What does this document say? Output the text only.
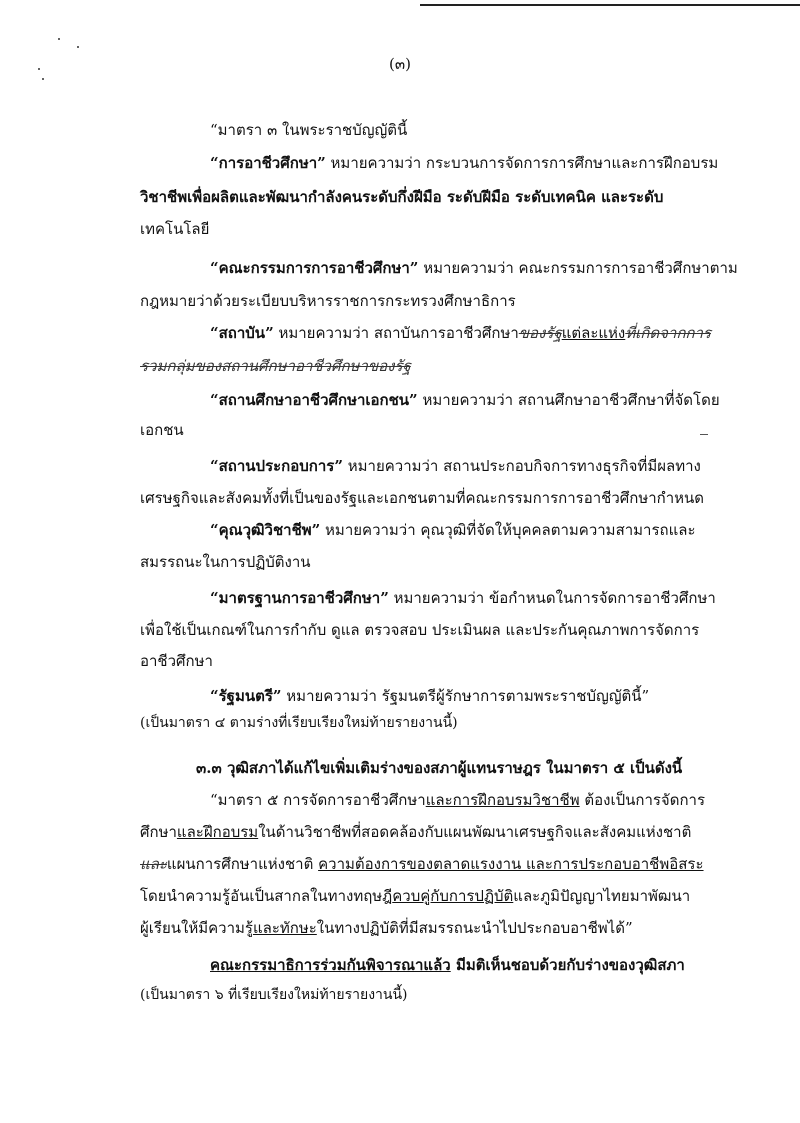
(๓)
“มาตรา ๓ ในพระราชบัญญัตินี้
“การอาชีวศึกษา” หมายความว่า กระบวนการจัดการการศึกษาและการฝึกอบรม
วิชาชีพเพื่อผลิตและพัฒนากำลังคนระดับกึ่งฝีมือ ระดับฝีมือ ระดับเทคนิค และระดับ
เทคโนโลยี
“คณะกรรมการการอาชีวศึกษา” หมายความว่า คณะกรรมการการอาชีวศึกษาตาม
กฎหมายว่าด้วยระเบียบบริหารราชการกระทรวงศึกษาธิการ
“สถาบัน” หมายความว่า สถาบันการอาชีวศึกษาของรัฐแต่ละแห่งที่เกิดจากการ
รวมกลุ่มของสถานศึกษาอาชีวศึกษาของรัฐ
“สถานศึกษาอาชีวศึกษาเอกชน” หมายความว่า สถานศึกษาอาชีวศึกษาที่จัดโดย
เอกชน
“สถานประกอบการ” หมายความว่า สถานประกอบกิจการทางธุรกิจที่มีผลทาง
เศรษฐกิจและสังคมทั้งที่เป็นของรัฐและเอกชนตามที่คณะกรรมการการอาชีวศึกษากำหนด
“คุณวุฒิวิชาชีพ” หมายความว่า คุณวุฒิที่จัดให้บุคคลตามความสามารถและ
สมรรถนะในการปฏิบัติงาน
“มาตรฐานการอาชีวศึกษา” หมายความว่า ข้อกำหนดในการจัดการอาชีวศึกษา
เพื่อใช้เป็นเกณฑ์ในการกำกับ ดูแล ตรวจสอบ ประเมินผล และประกันคุณภาพการจัดการ
อาชีวศึกษา
“รัฐมนตรี” หมายความว่า รัฐมนตรีผู้รักษาการตามพระราชบัญญัตินี้”
(เป็นมาตรา ๔ ตามร่างที่เรียบเรียงใหม่ท้ายรายงานนี้)
๓.๓ วุฒิสภาได้แก้ไขเพิ่มเติมร่างของสภาผู้แทนราษฎร ในมาตรา ๕ เป็นดังนี้
“มาตรา ๕ การจัดการอาชีวศึกษาและการฝึกอบรมวิชาชีพ ต้องเป็นการจัดการ
ศึกษาและฝึกอบรมในด้านวิชาชีพที่สอดคล้องกับแผนพัฒนาเศรษฐกิจและสังคมแห่งชาติ
และแผนการศึกษาแห่งชาติ ความต้องการของตลาดแรงงาน และการประกอบอาชีพอิสระ
โดยนำความรู้อันเป็นสากลในทางทฤษฎีควบคู่กับการปฏิบัติและภูมิปัญญาไทยมาพัฒนา
ผู้เรียนให้มีความรู้และทักษะในทางปฏิบัติที่มีสมรรถนะนำไปประกอบอาชีพได้”
คณะกรรมาธิการร่วมกันพิจารณาแล้ว มีมติเห็นชอบด้วยกับร่างของวุฒิสภา
(เป็นมาตรา ๖ ที่เรียบเรียงใหม่ท้ายรายงานนี้)
